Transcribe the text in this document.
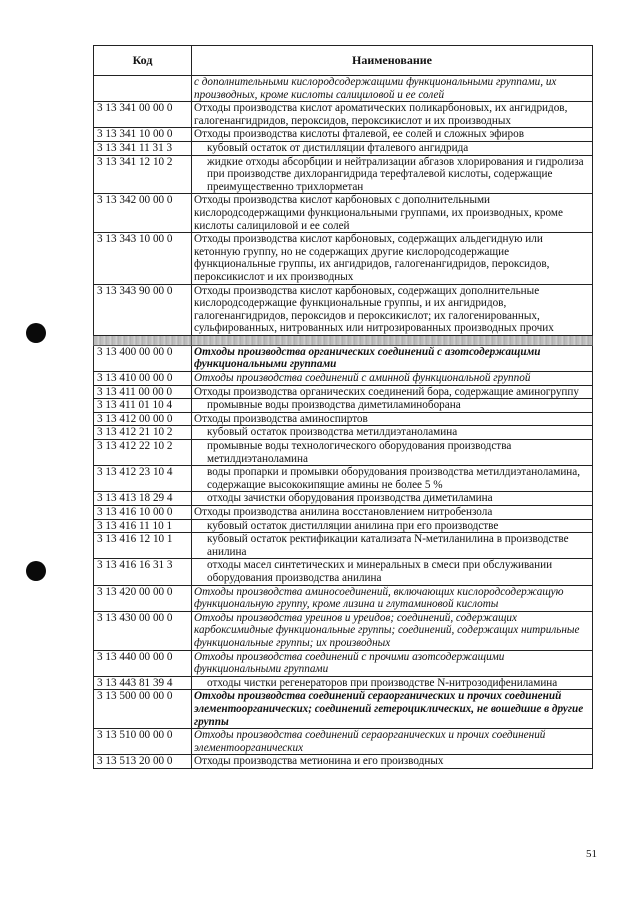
Код	Наименование
	с дополнительными кислородсодержащими функциональными группами, их производных, кроме кислоты салициловой и ее солей
3 13 341 00 00 0	Отходы производства кислот ароматических поликарбоновых, их ангидридов, галогенангидридов, пероксидов, пероксикислот и их производных
3 13 341 10 00 0	Отходы производства кислоты фталевой, ее солей и сложных эфиров
3 13 341 11 31 3	кубовый остаток от дистилляции фталевого ангидрида
3 13 341 12 10 2	жидкие отходы абсорбции и нейтрализации абгазов хлорирования и гидролиза при производстве дихлорангидрида терефталевой кислоты, содержащие преимущественно трихлорметан
3 13 342 00 00 0	Отходы производства кислот карбоновых с дополнительными кислородсодержащими функциональными группами, их производных, кроме кислоты салициловой и ее солей
3 13 343 10 00 0	Отходы производства кислот карбоновых, содержащих альдегидную или кетонную группу, но не содержащих другие кислородсодержащие функциональные группы, их ангидридов, галогенангидридов, пероксидов, пероксикислот и их производных
3 13 343 90 00 0	Отходы производства кислот карбоновых, содержащих дополнительные кислородсодержащие функциональные группы, и их ангидридов, галогенангидридов, пероксидов и пероксикислот; их галогенированных, сульфированных, нитрованных или нитрозированных производных прочих

3 13 400 00 00 0	Отходы производства органических соединений с азотсодержащими функциональными группами
3 13 410 00 00 0	Отходы производства соединений с аминной функциональной группой
3 13 411 00 00 0	Отходы производства органических соединений бора, содержащие аминогруппу
3 13 411 01 10 4	промывные воды производства диметиламиноборана
3 13 412 00 00 0	Отходы производства аминоспиртов
3 13 412 21 10 2	кубовый остаток производства метилдиэтаноламина
3 13 412 22 10 2	промывные воды технологического оборудования производства метилдиэтаноламина
3 13 412 23 10 4	воды пропарки и промывки оборудования производства метилдиэтаноламина, содержащие высококипящие амины не более 5 %
3 13 413 18 29 4	отходы зачистки оборудования производства диметиламина
3 13 416 10 00 0	Отходы производства анилина восстановлением нитробензола
3 13 416 11 10 1	кубовый остаток дистилляции анилина при его производстве
3 13 416 12 10 1	кубовый остаток ректификации катализата N-метиланилина в производстве анилина
3 13 416 16 31 3	отходы масел синтетических и минеральных в смеси при обслуживании оборудования производства анилина
3 13 420 00 00 0	Отходы производства аминосоединений, включающих кислородсодержащую функциональную группу, кроме лизина и глутаминовой кислоты
3 13 430 00 00 0	Отходы производства уреинов и уреидов; соединений, содержащих карбоксимидные функциональные группы; соединений, содержащих нитрильные функциональные группы; их производных
3 13 440 00 00 0	Отходы производства соединений с прочими азотсодержащими функциональными группами
3 13 443 81 39 4	отходы чистки регенераторов при производстве N-нитрозодифениламина
3 13 500 00 00 0	Отходы производства соединений сераорганических и прочих соединений элементоорганических; соединений гетероциклических, не вошедшие в другие группы
3 13 510 00 00 0	Отходы производства соединений сераорганических и прочих соединений элементоорганических
3 13 513 20 00 0	Отходы производства метионина и его производных
51
